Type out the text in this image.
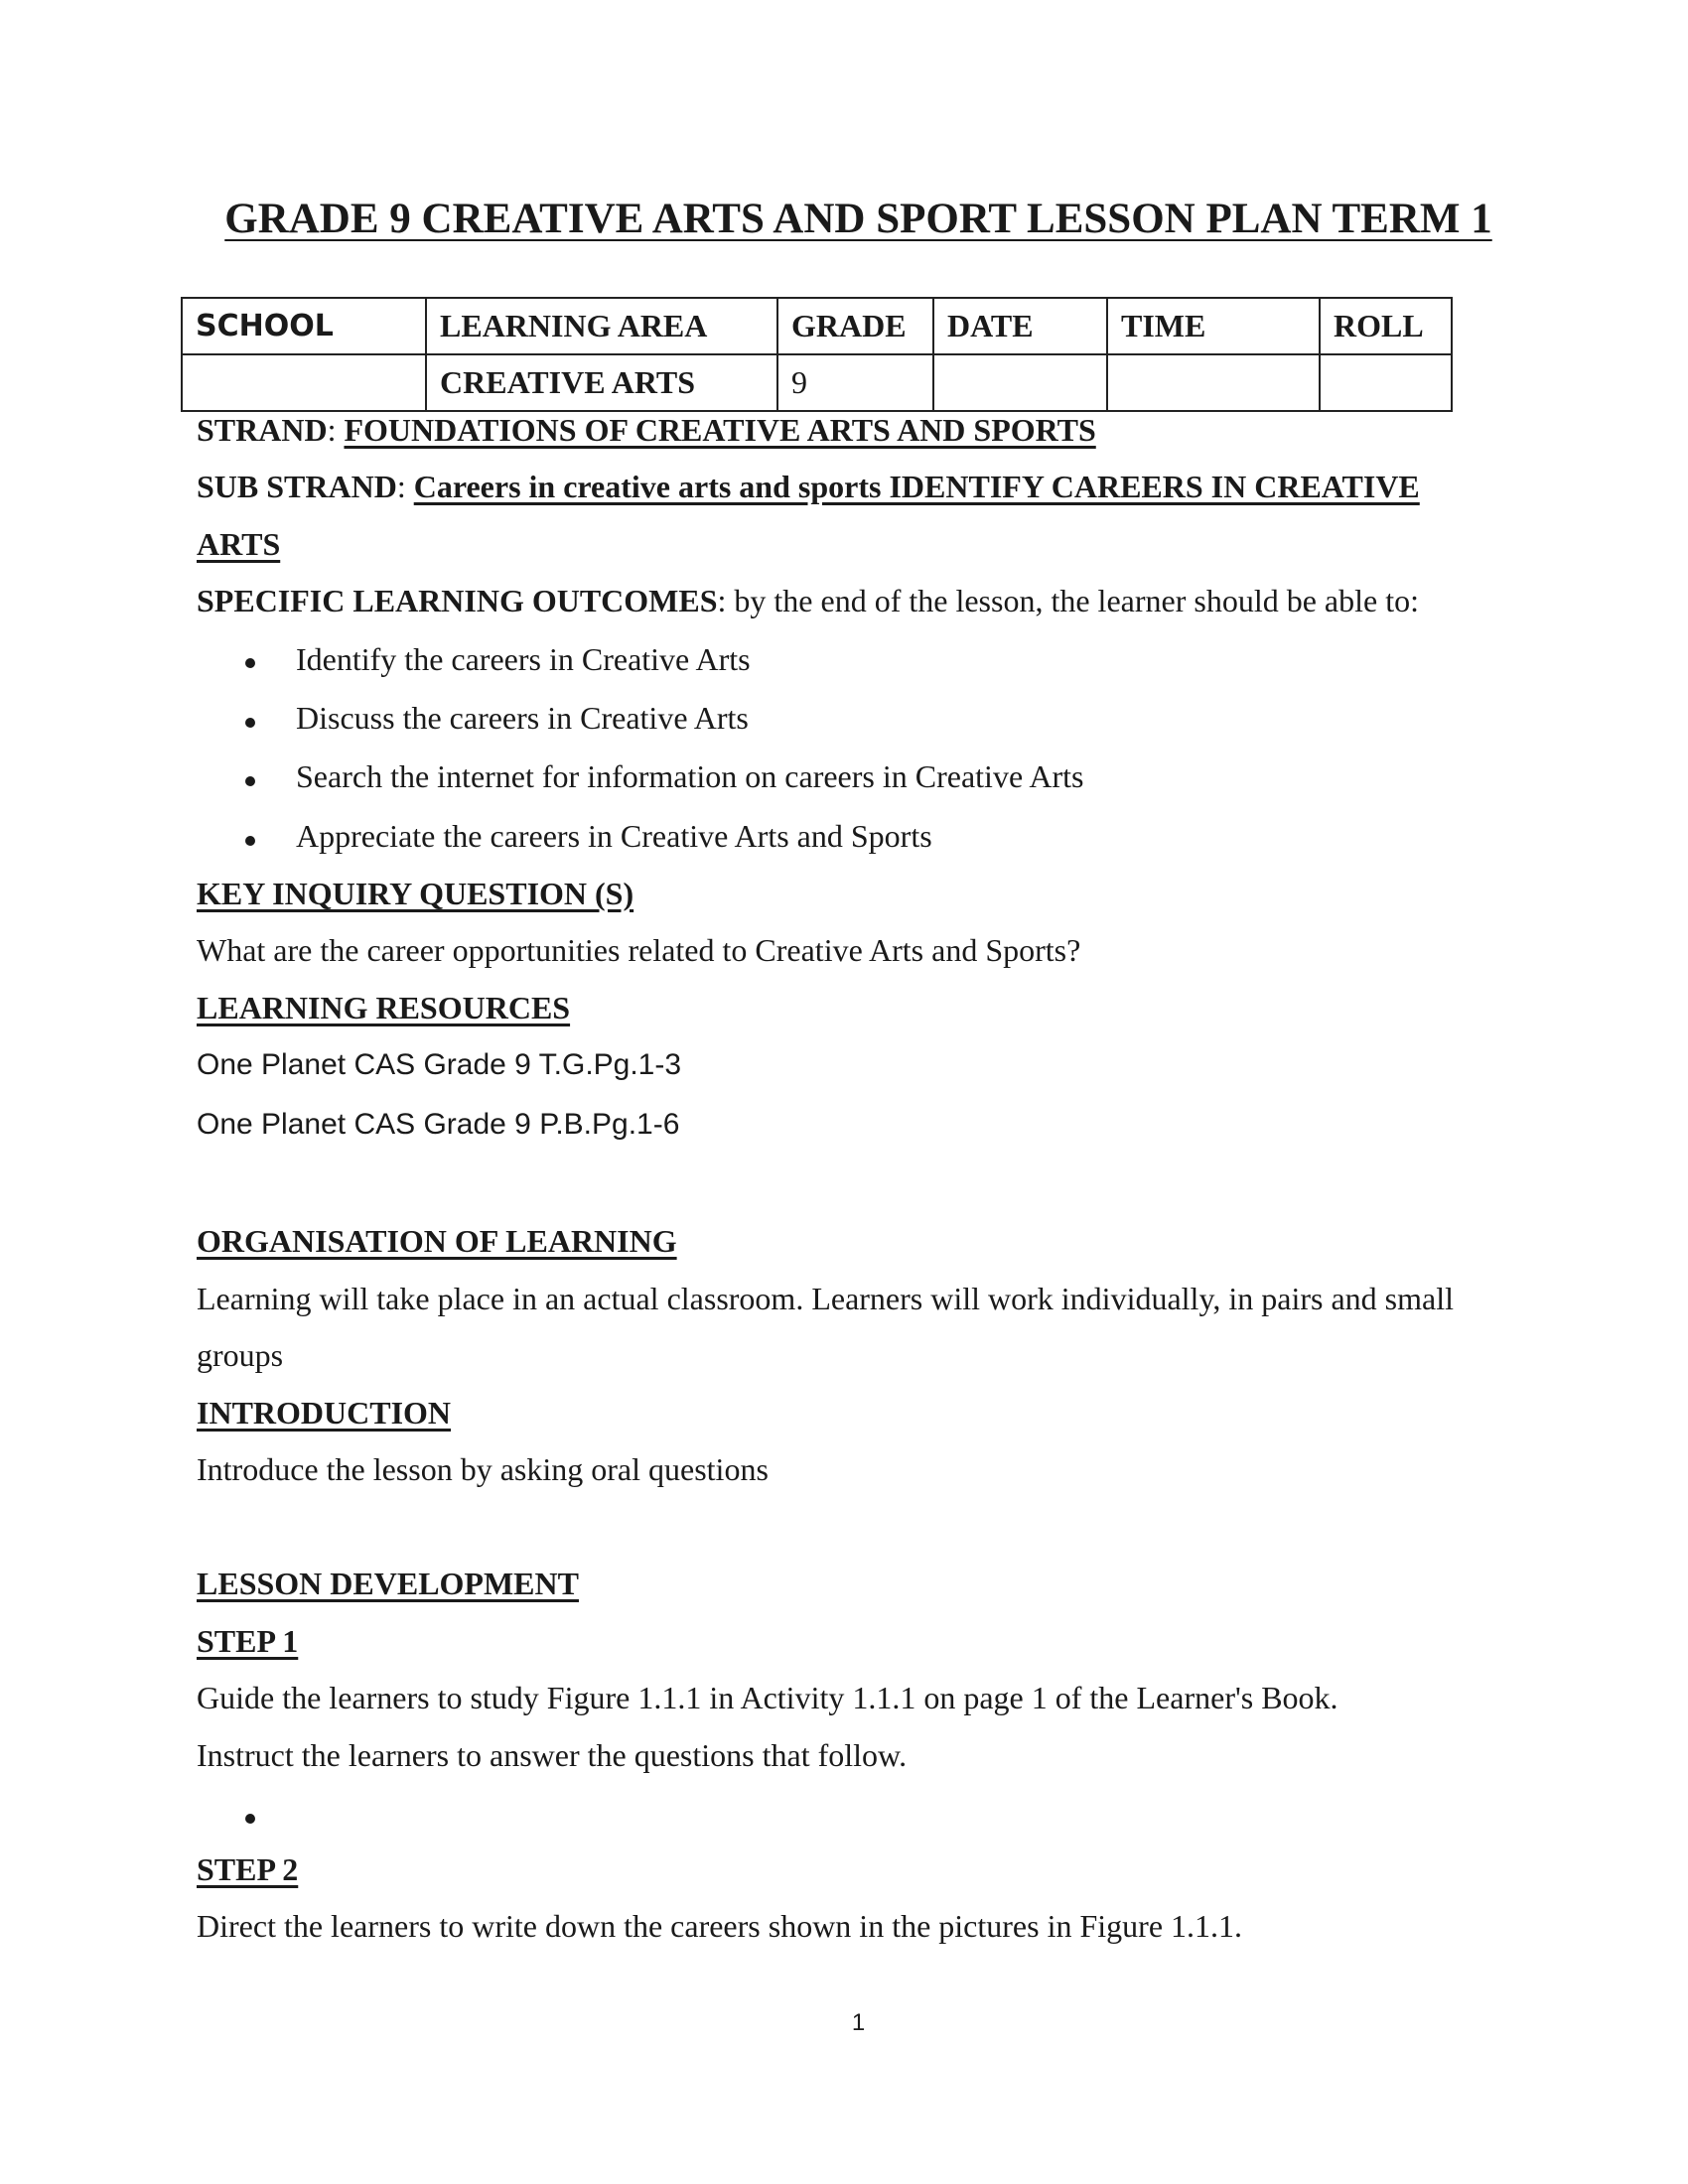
GRADE 9 CREATIVE ARTS AND SPORT LESSON PLAN TERM 1
SCHOOL	LEARNING AREA	GRADE	DATE	TIME	ROLL
	CREATIVE ARTS	9			
STRAND: FOUNDATIONS OF CREATIVE ARTS AND SPORTS
SUB STRAND: Careers in creative arts and sports IDENTIFY CAREERS IN CREATIVE
ARTS
SPECIFIC LEARNING OUTCOMES: by the end of the lesson, the learner should be able to:
Identify the careers in Creative Arts
Discuss the careers in Creative Arts
Search the internet for information on careers in Creative Arts
Appreciate the careers in Creative Arts and Sports
KEY INQUIRY QUESTION (S)
What are the career opportunities related to Creative Arts and Sports?
LEARNING RESOURCES
One Planet CAS Grade 9 T.G.Pg.1-3
One Planet CAS Grade 9 P.B.Pg.1-6
ORGANISATION OF LEARNING
Learning will take place in an actual classroom. Learners will work individually, in pairs and small
groups
INTRODUCTION
Introduce the lesson by asking oral questions
LESSON DEVELOPMENT
STEP 1
Guide the learners to study Figure 1.1.1 in Activity 1.1.1 on page 1 of the Learner's Book.
Instruct the learners to answer the questions that follow.
STEP 2
Direct the learners to write down the careers shown in the pictures in Figure 1.1.1.
1
